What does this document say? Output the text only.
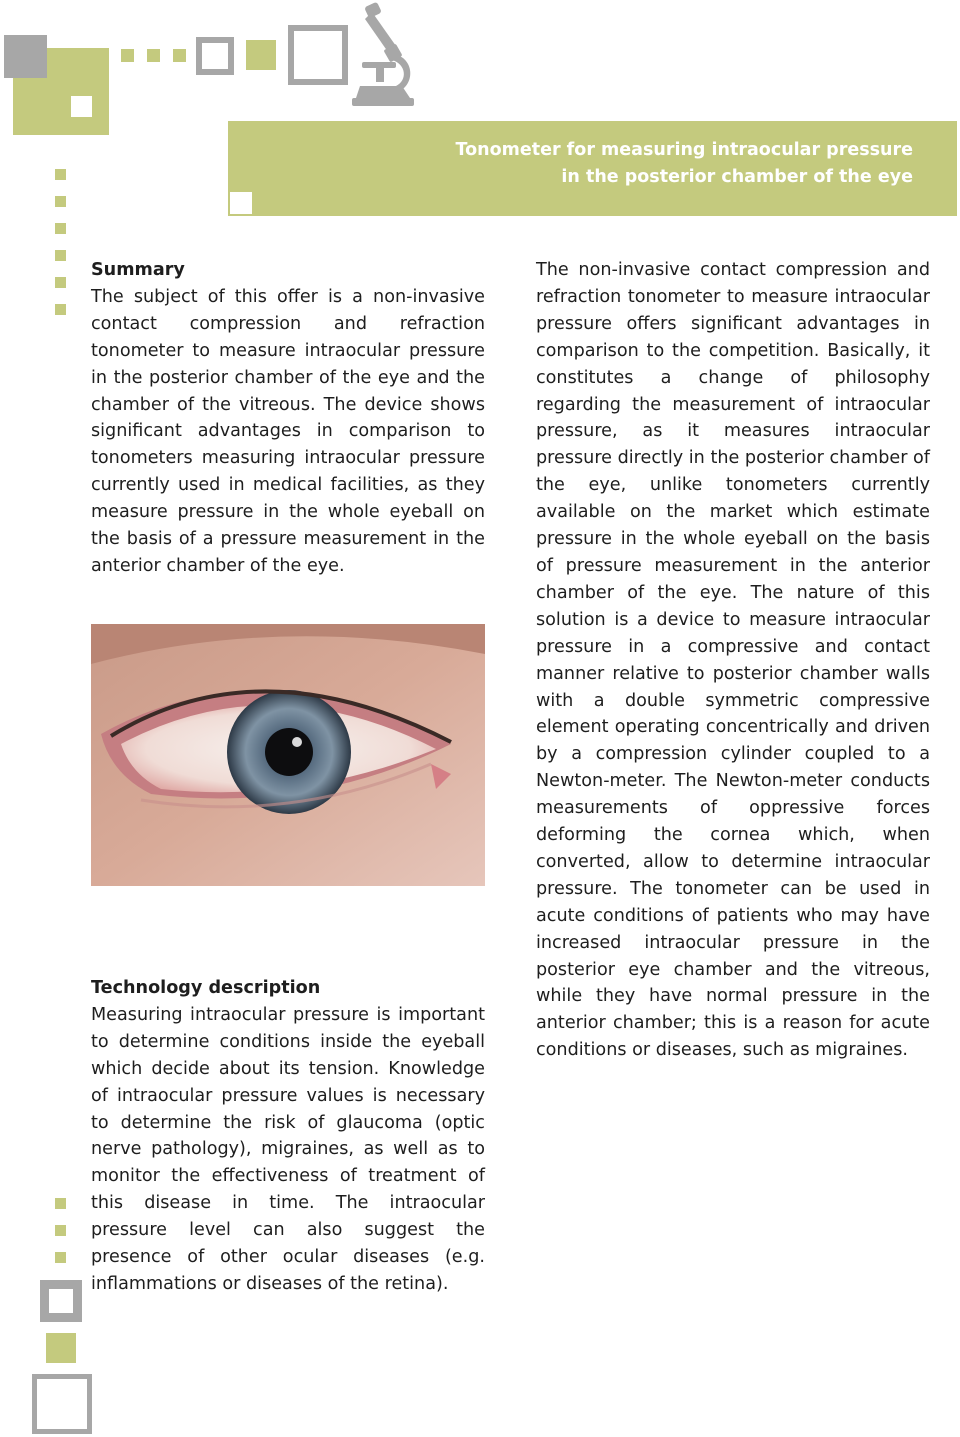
Tonometer for measuring intraocular pressure
in the posterior chamber of the eye
Summary

The subject of this offer is a non-invasive contact compression and refraction tonometer to measure intraocular pressure in the posterior chamber of the eye and the chamber of the vitreous. The device shows significant advantages in comparison to tonometers measuring intraocular pressure currently used in medical facilities, as they measure pressure in the whole eyeball on the basis of a pressure measurement in the anterior chamber of the eye.

Technology description

Measuring intraocular pressure is important to determine conditions inside the eyeball which decide about its tension. Knowledge of intraocular pressure values is necessary to determine the risk of glaucoma (optic nerve pathology), migraines, as well as to monitor the effectiveness of treatment of this disease in time. The intraocular pressure level can also suggest the presence of other ocular diseases (e.g. inflammations or diseases of the retina).

The non-invasive contact compression and refraction tonometer to measure intraocular pressure offers significant advantages in comparison to the competition. Basically, it constitutes a change of philosophy regarding the measurement of intraocular pressure, as it measures intraocular pressure directly in the posterior chamber of the eye, unlike tonometers currently available on the market which estimate pressure in the whole eyeball on the basis of pressure measurement in the anterior chamber of the eye. The nature of this solution is a device to measure intraocular pressure in a compressive and contact manner relative to posterior chamber walls with a double symmetric compressive element operating concentrically and driven by a compression cylinder coupled to a Newton-meter. The Newton-meter conducts measurements of oppressive forces deforming the cornea which, when converted, allow to determine intraocular pressure. The tonometer can be used in acute conditions of patients who may have increased intraocular pressure in the posterior eye chamber and the vitreous, while they have normal pressure in the anterior chamber; this is a reason for acute conditions or diseases, such as migraines.
